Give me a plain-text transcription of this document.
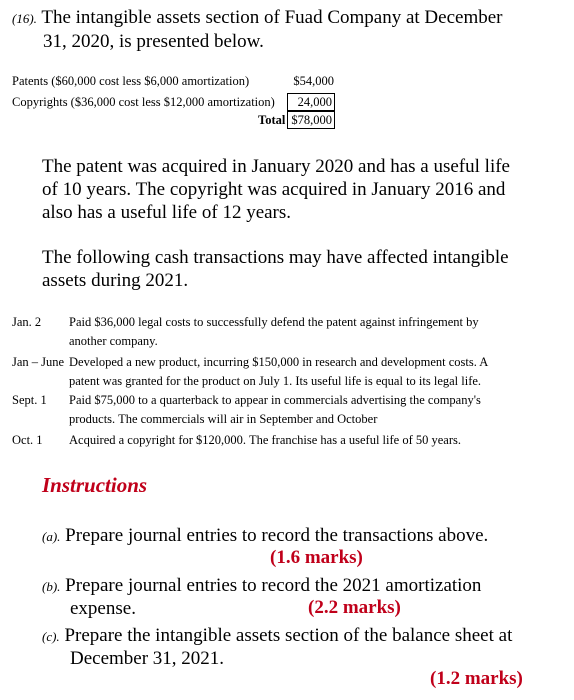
(16). The intangible assets section of Fuad Company at December
31, 2020, is presented below.
Patents ($60,000 cost less $6,000 amortization)	$54,000
Copyrights ($36,000 cost less $12,000 amortization)	24,000
Total $78,000
The patent was acquired in January 2020 and has a useful life
of 10 years. The copyright was acquired in January 2016 and
also has a useful life of 12 years.
The following cash transactions may have affected intangible
assets during 2021.
Jan. 2 Paid $36,000 legal costs to successfully defend the patent against infringement by
another company.
Jan – June Developed a new product, incurring $150,000 in research and development costs. A
patent was granted for the product on July 1. Its useful life is equal to its legal life.
Sept. 1 Paid $75,000 to a quarterback to appear in commercials advertising the company's
products. The commercials will air in September and October
Oct. 1 Acquired a copyright for $120,000. The franchise has a useful life of 50 years.
Instructions
(a). Prepare journal entries to record the transactions above.
(1.6 marks)
(b). Prepare journal entries to record the 2021 amortization
expense.	(2.2 marks)
(c). Prepare the intangible assets section of the balance sheet at
December 31, 2021.
(1.2 marks)
